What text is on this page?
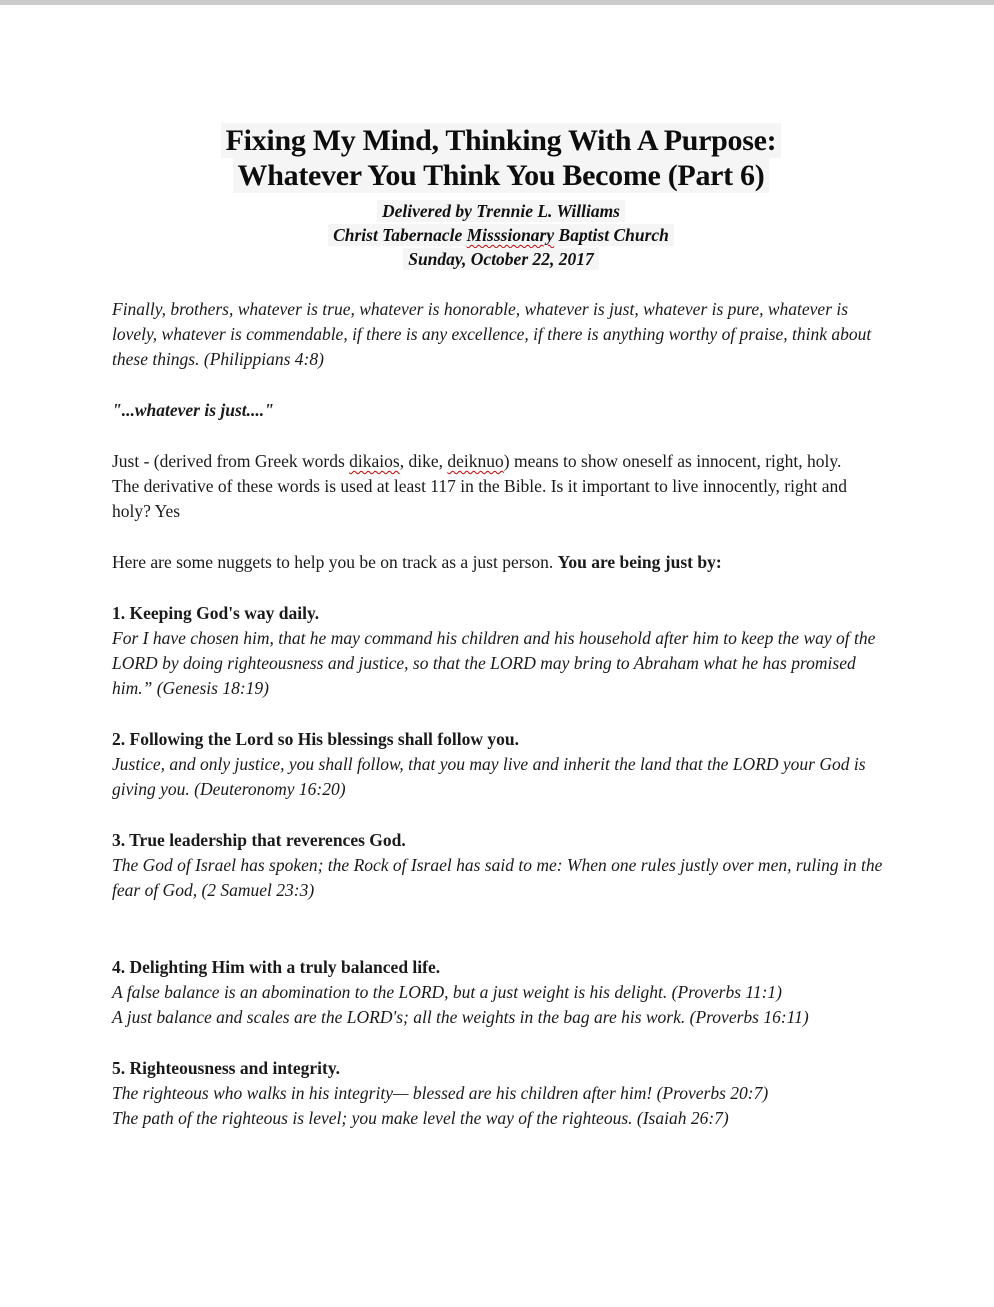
Fixing My Mind, Thinking With A Purpose:
Whatever You Think You Become (Part 6)
Delivered by Trennie L. Williams
Christ Tabernacle Misssionary Baptist Church
Sunday, October 22, 2017

Finally, brothers, whatever is true, whatever is honorable, whatever is just, whatever is pure, whatever is lovely, whatever is commendable, if there is any excellence, if there is anything worthy of praise, think about these things. (Philippians 4:8)

"...whatever is just...."

Just - (derived from Greek words dikaios, dike, deiknuo) means to show oneself as innocent, right, holy.
The derivative of these words is used at least 117 in the Bible. Is it important to live innocently, right and holy? Yes

Here are some nuggets to help you be on track as a just person. You are being just by:

1. Keeping God's way daily.

For I have chosen him, that he may command his children and his household after him to keep the way of the LORD by doing righteousness and justice, so that the LORD may bring to Abraham what he has promised him.” (Genesis 18:19)

2. Following the Lord so His blessings shall follow you.

Justice, and only justice, you shall follow, that you may live and inherit the land that the LORD your God is giving you. (Deuteronomy 16:20)

3. True leadership that reverences God.

The God of Israel has spoken; the Rock of Israel has said to me: When one rules justly over men, ruling in the fear of God, (2 Samuel 23:3)

4. Delighting Him with a truly balanced life.

A false balance is an abomination to the LORD, but a just weight is his delight. (Proverbs 11:1)

A just balance and scales are the LORD's; all the weights in the bag are his work. (Proverbs 16:11)

5. Righteousness and integrity.

The righteous who walks in his integrity— blessed are his children after him! (Proverbs 20:7)

The path of the righteous is level; you make level the way of the righteous. (Isaiah 26:7)
